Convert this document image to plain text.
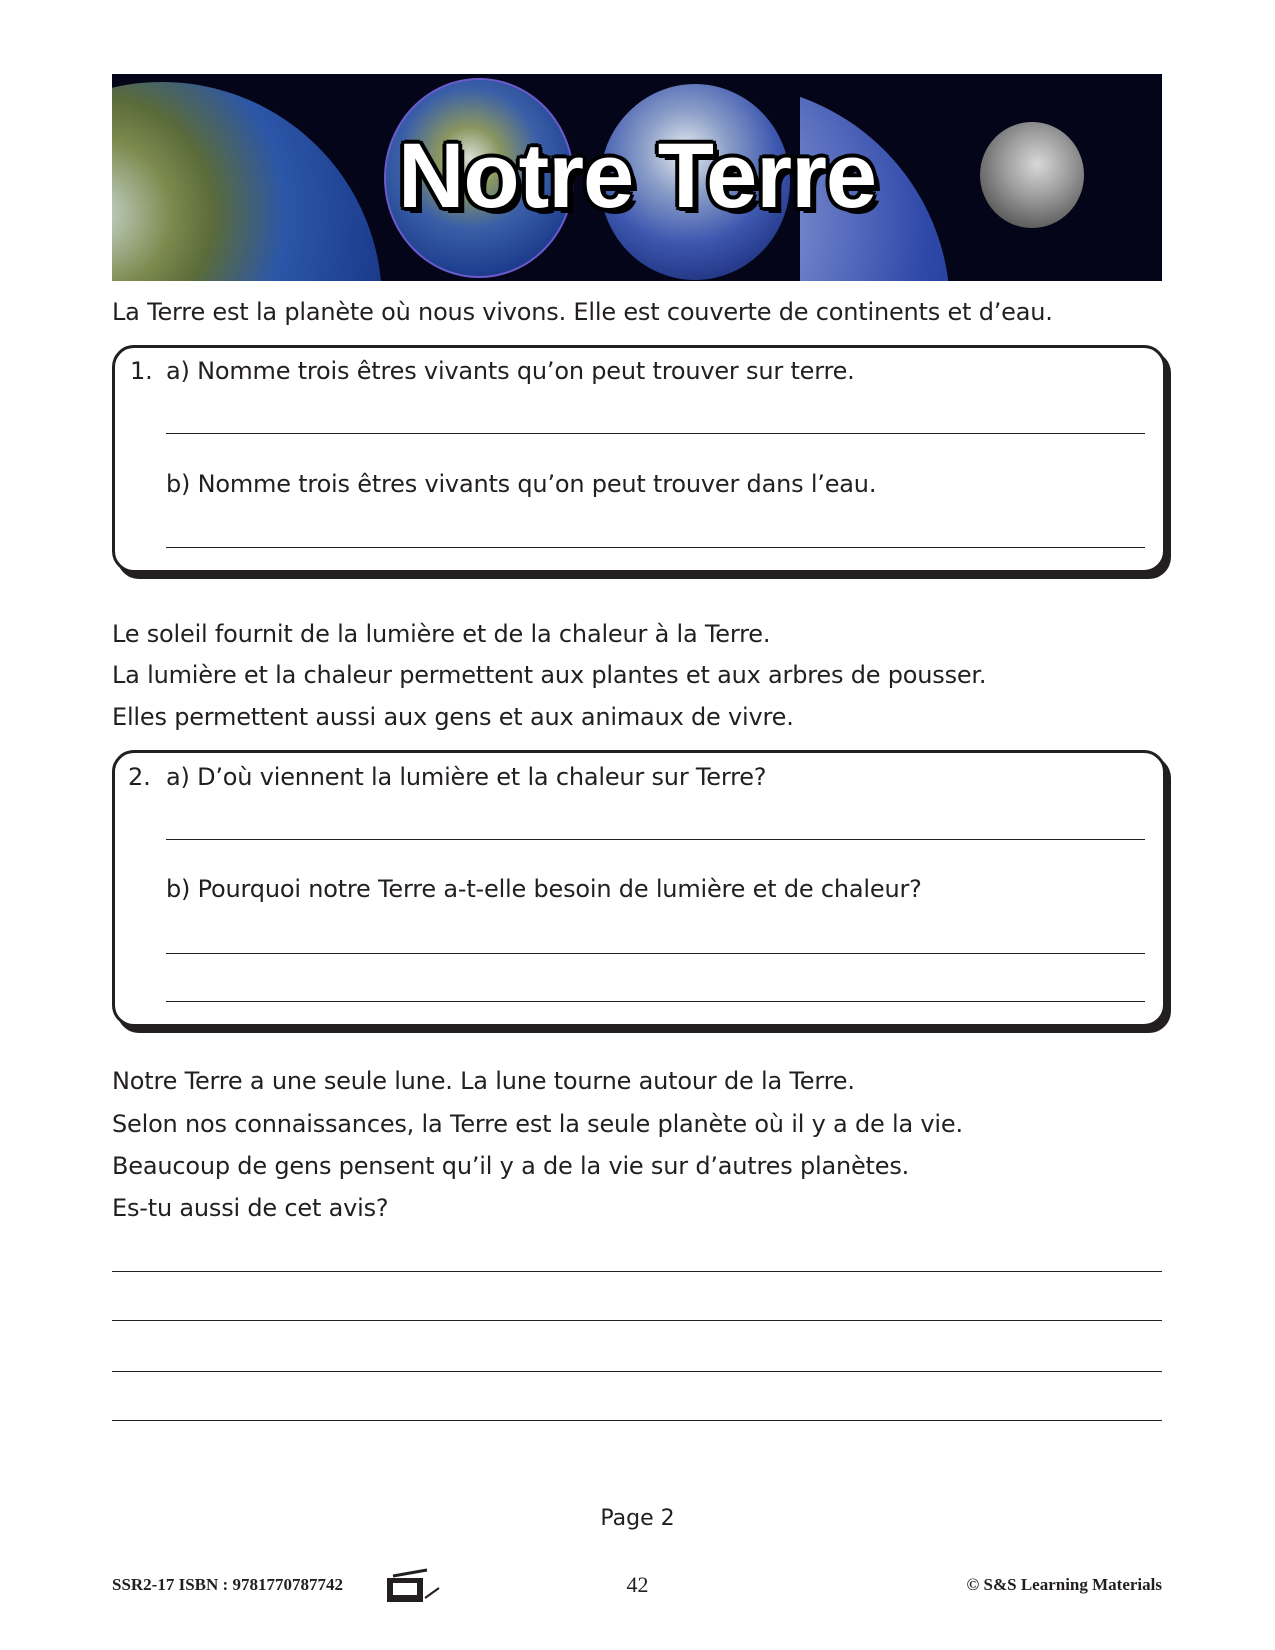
Notre Terre
La Terre est la planète où nous vivons. Elle est couverte de continents et d’eau.
1. a) Nomme trois êtres vivants qu’on peut trouver sur terre.
b) Nomme trois êtres vivants qu’on peut trouver dans l’eau.
Le soleil fournit de la lumière et de la chaleur à la Terre.
La lumière et la chaleur permettent aux plantes et aux arbres de pousser.
Elles permettent aussi aux gens et aux animaux de vivre.
2. a) D’où viennent la lumière et la chaleur sur Terre?
b) Pourquoi notre Terre a-t-elle besoin de lumière et de chaleur?
Notre Terre a une seule lune. La lune tourne autour de la Terre.
Selon nos connaissances, la Terre est la seule planète où il y a de la vie.
Beaucoup de gens pensent qu’il y a de la vie sur d’autres planètes.
Es-tu aussi de cet avis?
Page 2
SSR2-17 ISBN : 9781770787742	42	© S&S Learning Materials
